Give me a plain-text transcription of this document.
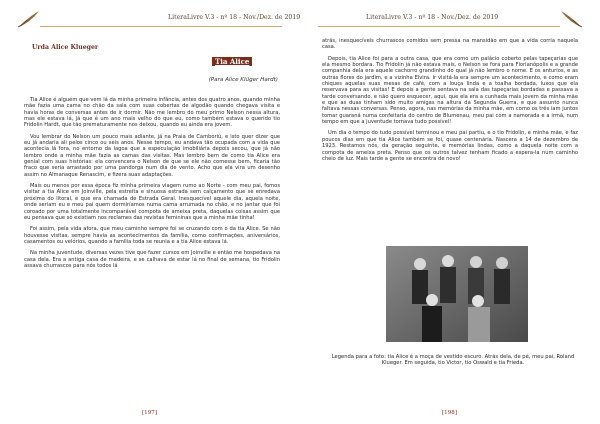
LiteraLivre V.3 - nº 18 - Nov./Dez. de 2019
Urda Alice Klueger
Tia Alice
(Para Alice Klüger Hardt)

Tia Alice é alguém que vem lá da minha primeira infância, antes dos quatro anos, quando minha mãe fazia uma cama no chão da sala com suas cobertas de algodão quando chegava visita e havia horas de conversas antes de ir dormir. Não me lembro do meu primo Nelson nessa altura, mas ele estava lá, já que é um ano mais velho do que eu, como também estava o querido tio Fridolin Hardt, que tão prematuramente nos deixou, quando eu ainda era jovem.

Vou lembrar do Nelson um pouco mais adiante, já na Praia de Camboriú, e isto quer dizer que eu já andaria ali pelos cinco ou seis anos. Nesse tempo, eu andava tão ocupada com a vida que acontecia lá fora, no entorno da lagoa que a especulação imobiliária depois secou, que já não lembro onde a minha mãe fazia as camas das visitas. Mas lembro bem de como tia Alice era genial com suas histórias: ela convencera o Nelson de que se ele não comesse bem, ficaria tão fraco que seria arrastado por uma pandorga num dia de vento. Acho que ela vira um desenho assim no Almanaque Renascim, e fizera suas adaptações.

Mais ou menos por essa época fiz minha primeira viagem rumo ao Norte - com meu pai, fomos visitar a tia Alice em Joinville, pela estreita e sinuosa estrada sem calçamento que se enredava próxima do litoral, e que era chamada de Estrada Geral. Inesquecível aquele dia, aquela noite, onde seriam eu e meu pai quem dormiríamos numa cama arrumada no chão, e no jantar que foi coroado por uma totalmente incomparável compota de ameixa preta, daquelas coisas assim que eu pensava que só existiam nos reclames das revistas femininas que a minha mãe tinha!

Foi assim, pela vida afora, que meu caminho sempre foi se cruzando com o da tia Alice. Se não houvesse visitas, sempre havia as acontecimentos da família, como confirmações, aniversários, casamentos ou velórios, quando a família toda se reunia e a tia Alice estava lá.

Na minha juventude, diversas vezes tive que fazer cursos em Joinville e então me hospedava na casa dela. Era a antiga casa de madeira, e se calhava de estar lá no final de semana, tio Fridolin assava churrascos para nós todos lá

[197]
LiteraLivre V.3 - nº 18 - Nov./Dez. de 2019

atrás, inesquecíveis churrascos comidos sem pressa na mansidão em que a vida corria naquela casa.

Depois, tia Alice foi para a outra casa, que era como um palácio coberto pelas tapeçarias que ela mesmo bordara. Tio Fridolin já não estava mais, o Nelson se fora para Florianópolis e a grande companhia dela era aquele cachorro grandinho do qual já não lembro o nome. E os anturios, e as outras flores do jardim, e a vizinha Elvira. Ir visitá-la era sempre um acontecimento, e como eram chiques aquelas suas mesas de café, com a louça linda e a toalha bordada, luxos que ela reservava para as visitas! E depois a gente sentava na sala das tapeçarias bordadas e passava a tarde conversando, e não quero esquecer, aqui, que ela era a cunhada mais jovem da minha mãe e que as duas tinham sido muito amigas na altura da Segunda Guerra, e que assunto nunca faltava nessas conversas. Penso, agora, nas memórias da minha mãe, em como os três iam juntos tomar guaraná numa confeitaria do centro de Blumenau, meu pai com a namorada e a irmã, num tempo em que a juventude tornava tudo possível!

Um dia o tempo do tudo possível terminou e meu pai partiu, e o tio Fridolin, e minha mãe, e faz poucos dias em que tia Alice também se foi, quase centenária. Nascera a 14 de dezembro de 1923. Restamos nós, da geração seguinte, e memórias lindas, como a daquela noite com a compota de ameixa preta. Penso que os outros talvez tenham ficado a espera-la num caminho cheio de luz. Mais tarde a gente se encontra de novo!

Legenda para a foto: tia Alice é a moça de vestido escuro. Atrás dela, de pé, meu pai, Roland Klueger. Em seguida, tio Victor, tio Oswald e tia Frieda.
[198]
